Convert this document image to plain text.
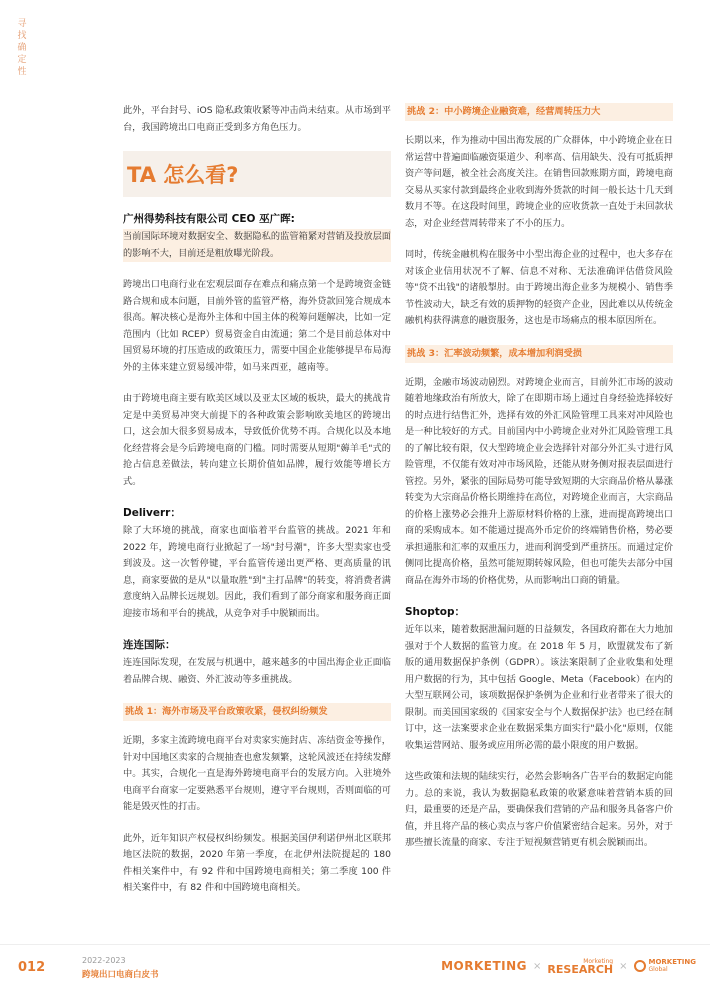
寻
找
确
定
性

此外，平台封号、iOS 隐私政策收紧等冲击尚未结束。从市场到平台，我国跨境出口电商正受到多方角色压力。

TA 怎么看?
广州得势科技有限公司 CEO 巫广晖:

当前国际环境对数据安全、数据隐私的监管箱紧对营销及投放层面的影响不大，目前还是粗放曝光阶段。

跨境出口电商行业在宏观层面存在难点和痛点第一个是跨境资金链路合规和成本问题，目前外管的监管严格，海外贷款回笼合规成本很高。解决核心是海外主体和中国主体的税筹问题解决，比如一定范围内（比如 RCEP）贸易资金自由流通；第二个是目前总体对中国贸易环境的打压造成的政策压力，需要中国企业能够提早布局海外的主体来建立贸易缓冲带，如马来西亚，越南等。

由于跨境电商主要有欧美区域以及亚太区域的板块，最大的挑战肯定是中美贸易冲突大前提下的各种政策会影响欧美地区的跨境出口，这会加大很多贸易成本，导致低价优势不再。合规化以及本地化经营将会是今后跨境电商的门槛。同时需要从短期"薅羊毛"式的抢占信息差做法，转向建立长期价值如品牌，履行效能等增长方式。

Deliverr：

除了大环境的挑战，商家也面临着平台监管的挑战。2021 年和 2022 年，跨境电商行业掀起了一场"封号潮"，许多大型卖家也受到波及。这一次暂停键，平台监管传递出更严格、更高质量的讯息，商家要做的是从"以量取胜"到"主打品牌"的转变，将消费者满意度纳入品牌长远规划。因此，我们看到了部分商家和服务商正面迎接市场和平台的挑战，从竞争对手中脱颖而出。

连连国际：

连连国际发现，在发展与机遇中，越来越多的中国出海企业正面临着品牌合规、融资、外汇波动等多重挑战。

挑战 1：海外市场及平台政策收紧，侵权纠纷频发

近期，多家主流跨境电商平台对卖家实施封店、冻结资金等操作，针对中国地区卖家的合规抽查也愈发频繁，这轮风波还在持续发酵中。其实，合规化一直是海外跨境电商平台的发展方向。入驻境外电商平台商家一定要熟悉平台规则，遵守平台规则，否则面临的可能是毁灭性的打击。

此外，近年知识产权侵权纠纷频发。根据美国伊利诺伊州北区联邦地区法院的数据，2020 年第一季度，在北伊州法院提起的 180 件相关案件中，有 92 件和中国跨境电商相关；第二季度 100 件相关案件中，有 82 件和中国跨境电商相关。

挑战 2：中小跨境企业融资难，经营周转压力大

长期以来，作为推动中国出海发展的广众群体，中小跨境企业在日常运营中普遍面临融资渠道少、利率高、信用缺失、没有可抵质押资产等问题，被全社会高度关注。在销售回款账期方面，跨境电商交易从买家付款到最终企业收到海外货款的时间一般长达十几天到数月不等。在这段时间里，跨境企业的应收货款一直处于未回款状态，对企业经营周转带来了不小的压力。

同时，传统金融机构在服务中小型出海企业的过程中，也大多存在对该企业信用状况不了解、信息不对称、无法准确评估借贷风险等"贷不出钱"的诸般掣肘。由于跨境出海企业多为规模小、销售季节性波动大，缺乏有效的质押物的轻资产企业，因此难以从传统金融机构获得满意的融资服务，这也是市场痛点的根本原因所在。

挑战 3：汇率波动频繁，成本增加利润受损

近期，金融市场波动剧烈。对跨境企业而言，目前外汇市场的波动随着地缘政治有所放大，除了在即期市场上通过自身经验选择较好的时点进行结售汇外，选择有效的外汇风险管理工具来对冲风险也是一种比较好的方式。目前国内中小跨境企业对外汇风险管理工具的了解比较有限，仅大型跨境企业会选择针对部分外汇头寸进行风险管理，不仅能有效对冲市场风险，还能从财务侧对报表层面进行管控。另外，紧张的国际局势可能导致短期的大宗商品价格从暴涨转变为大宗商品价格长期维持在高位，对跨境企业而言，大宗商品的价格上涨势必会推升上游原材料价格的上涨，进而提高跨境出口商的采购成本。如不能通过提高外币定价的终端销售价格，势必要承担通胀和汇率的双重压力，进而利润受到严重挤压。而通过定价侧同比提高价格，虽然可能短期转嫁风险，但也可能失去部分中国商品在海外市场的价格优势，从而影响出口商的销量。

Shoptop：

近年以来，随着数据泄漏问题的日益频发，各国政府都在大力地加强对于个人数据的监管力度。在 2018 年 5 月，欧盟就发布了新版的通用数据保护条例（GDPR）。该法案限制了企业收集和处理用户数据的行为，其中包括 Google、Meta（Facebook）在内的大型互联网公司，该项数据保护条例为企业和行业者带来了很大的限制。而美国国家级的《国家安全与个人数据保护法》也已经在制订中，这一法案要求企业在数据采集方面实行"最小化"原则，仅能收集运营网站、服务或应用所必需的最小限度的用户数据。

这些政策和法规的陆续实行，必然会影响各广告平台的数据定向能力。总的来说，我认为数据隐私政策的收紧意味着营销本质的回归，最重要的还是产品，要确保我们营销的产品和服务具备客户价值，并且将产品的核心卖点与客户价值紧密结合起来。另外，对于那些擅长流量的商家、专注于短视频营销更有机会脱颖而出。

012	2022-2023
跨境出口电商白皮书
MORKETING ×	Morketing
RESEARCH ×	MORKETING
Global
